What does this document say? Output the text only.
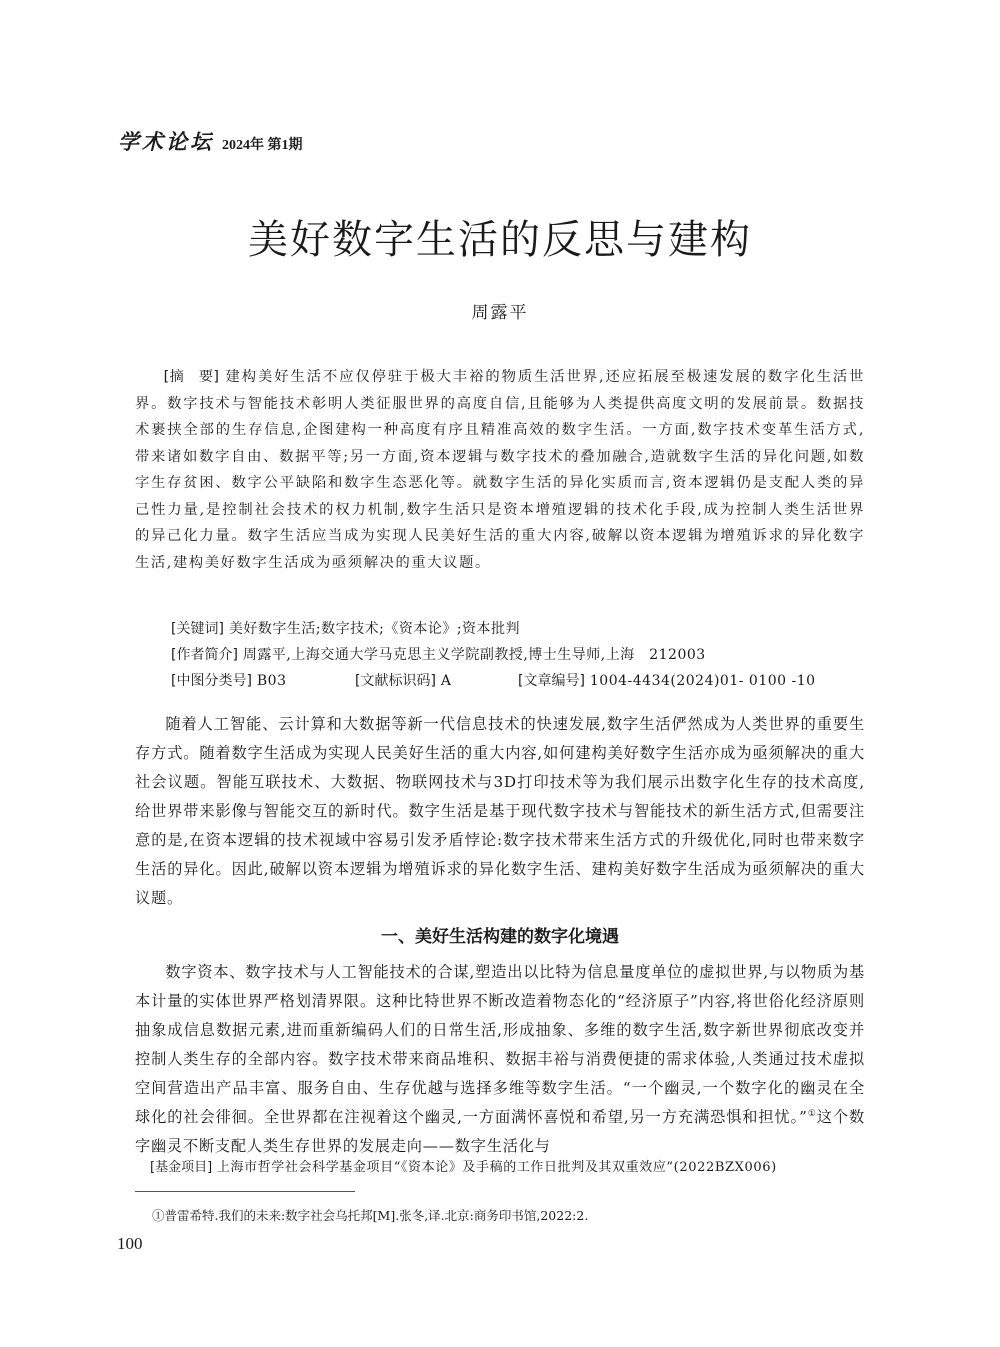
学术论坛 2024年 第1期
美好数字生活的反思与建构
周露平
[摘　要] 建构美好生活不应仅停驻于极大丰裕的物质生活世界,还应拓展至极速发展的数字化生活世界。数字技术与智能技术彰明人类征服世界的高度自信,且能够为人类提供高度文明的发展前景。数据技术裹挟全部的生存信息,企图建构一种高度有序且精准高效的数字生活。一方面,数字技术变革生活方式,带来诸如数字自由、数据平等;另一方面,资本逻辑与数字技术的叠加融合,造就数字生活的异化问题,如数字生存贫困、数字公平缺陷和数字生态恶化等。就数字生活的异化实质而言,资本逻辑仍是支配人类的异己性力量,是控制社会技术的权力机制,数字生活只是资本增殖逻辑的技术化手段,成为控制人类生活世界的异己化力量。数字生活应当成为实现人民美好生活的重大内容,破解以资本逻辑为增殖诉求的异化数字生活,建构美好数字生活成为亟须解决的重大议题。
[关键词] 美好数字生活;数字技术;《资本论》;资本批判
[作者简介] 周露平,上海交通大学马克思主义学院副教授,博士生导师,上海　212003
[中图分类号] B03	[文献标识码] A	[文章编号] 1004-4434(2024)01- 0100 -10

随着人工智能、云计算和大数据等新一代信息技术的快速发展,数字生活俨然成为人类世界的重要生存方式。随着数字生活成为实现人民美好生活的重大内容,如何建构美好数字生活亦成为亟须解决的重大社会议题。智能互联技术、大数据、物联网技术与3D打印技术等为我们展示出数字化生存的技术高度,给世界带来影像与智能交互的新时代。数字生活是基于现代数字技术与智能技术的新生活方式,但需要注意的是,在资本逻辑的技术视域中容易引发矛盾悖论:数字技术带来生活方式的升级优化,同时也带来数字生活的异化。因此,破解以资本逻辑为增殖诉求的异化数字生活、建构美好数字生活成为亟须解决的重大议题。

一、美好生活构建的数字化境遇

数字资本、数字技术与人工智能技术的合谋,塑造出以比特为信息量度单位的虚拟世界,与以物质为基本计量的实体世界严格划清界限。这种比特世界不断改造着物态化的“经济原子”内容,将世俗化经济原则抽象成信息数据元素,进而重新编码人们的日常生活,形成抽象、多维的数字生活,数字新世界彻底改变并控制人类生存的全部内容。数字技术带来商品堆积、数据丰裕与消费便捷的需求体验,人类通过技术虚拟空间营造出产品丰富、服务自由、生存优越与选择多维等数字生活。“一个幽灵,一个数字化的幽灵在全球化的社会徘徊。全世界都在注视着这个幽灵,一方面满怀喜悦和希望,另一方充满恐惧和担忧。”①这个数字幽灵不断支配人类生存世界的发展走向——数字生活化与

[基金项目] 上海市哲学社会科学基金项目“《资本论》及手稿的工作日批判及其双重效应”(2022BZX006)
①普雷希特.我们的未来:数字社会乌托邦[M].张冬,译.北京:商务印书馆,2022:2.
100
